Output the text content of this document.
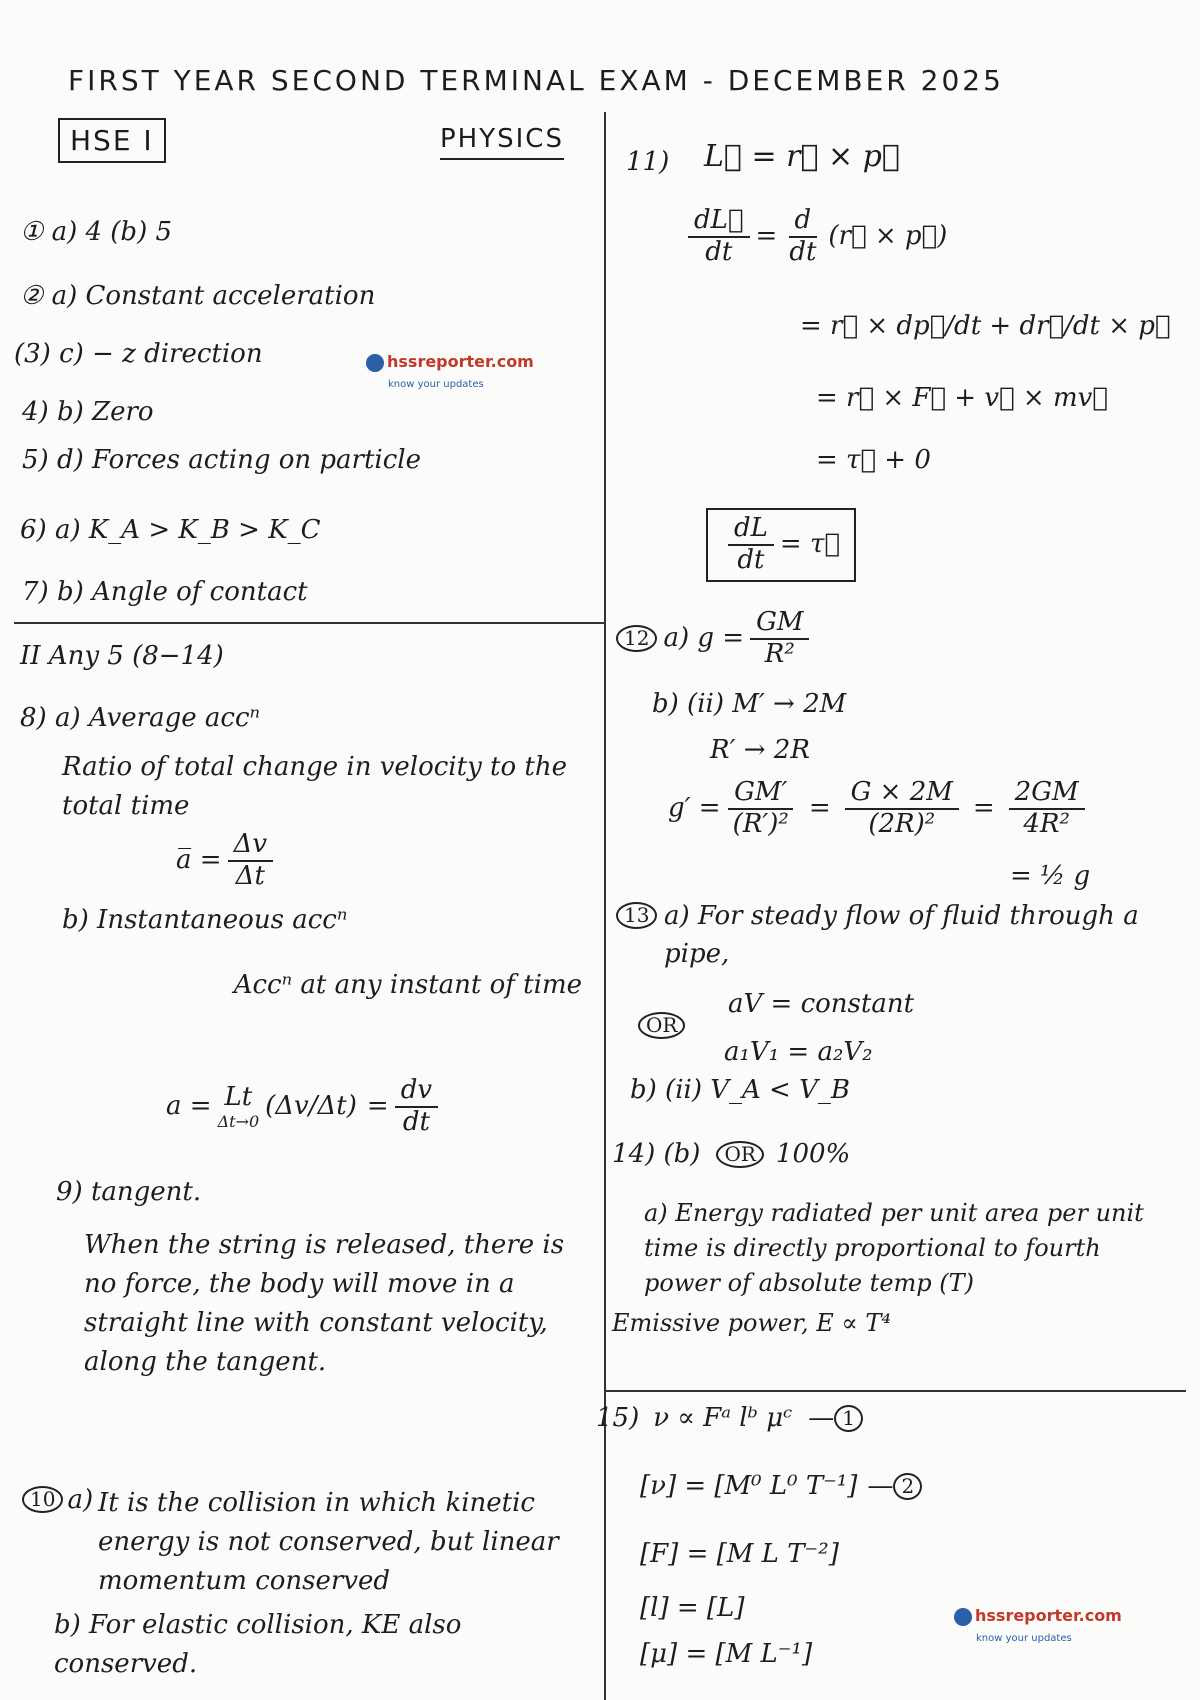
FIRST YEAR SECOND TERMINAL EXAM - DECEMBER 2025
HSE I	PHYSICS
① a) 4 (b) 5
② a) Constant acceleration
(3) c) − z direction
4) b) Zero
5) d) Forces acting on particle
6) a) K_A > K_B > K_C
7) b) Angle of contact
hssreporter.com
know your updates
II Any 5 (8−14)
8) a) Average accⁿ
Ratio of total change in velocity to the total time
a̅ = $\frac{\Delta v}{\Delta t}$
b) Instantaneous accⁿ
Accⁿ at any instant of time
a = Lt
Δt→0
$(\Delta v/\Delta t) = \frac{dv}{dt}$
9) tangent.
When the string is released, there is no force, the body will move in a straight line with constant velocity, along the tangent.
10 a) It is the collision in which kinetic energy is not conserved, but linear momentum conserved
b) For elastic collision, KE also conserved.
11) L⃗ = r⃗ × p⃗
$\frac{dL⃗}{dt} = \frac{d}{dt}$ (r⃗ × p⃗)
= r⃗ × dp⃗/dt + dr⃗/dt × p⃗
= r⃗ × F⃗ + v⃗ × mv⃗
= τ⃗ + 0
$\frac{dL}{dt}$ = τ⃗
12 a) $g = \frac{GM}{\text{R²}}$
b) (ii) M′ → 2M
R′ → 2R
$g' = \frac{GM'}{\text{(R′)²}} = \frac{G \times 2M}{\text{(2R)²}} = \frac{2GM}{\text{4R²}}$
= ½ g
13 a) For steady flow of fluid through a pipe,
OR
aV = constant
a₁V₁ = a₂V₂
b) (ii) V_A < V_B
14) (b)	OR 100%
a) Energy radiated per unit area per unit time is directly proportional to fourth power of absolute temp (T)
Emissive power, E ∝ T⁴
15) ν ∝ Fᵃ lᵇ μᶜ — 1
[ν] = [M⁰ L⁰ T⁻¹] — 2
[F] = [M L T⁻²]
[l] = [L]
[μ] = [M L⁻¹]
hssreporter.com
know your updates
